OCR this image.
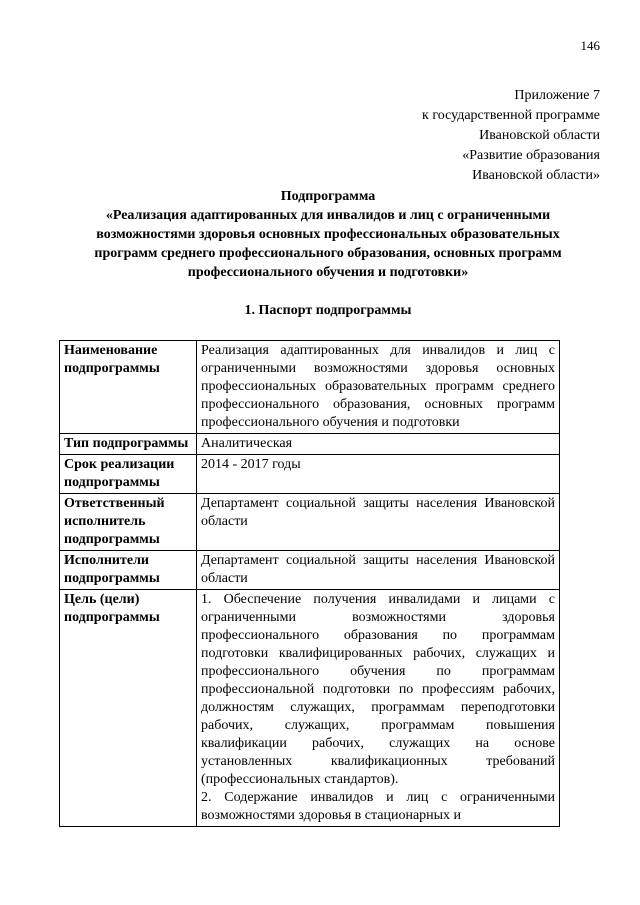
146
Приложение 7
к государственной программе
Ивановской области
«Развитие образования
Ивановской области»
Подпрограмма
«Реализация адаптированных для инвалидов и лиц с ограниченными
возможностями здоровья основных профессиональных образовательных
программ среднего профессионального образования, основных программ
профессионального обучения и подготовки»
1. Паспорт подпрограммы
Наименование подпрограммы	Реализация адаптированных для инвалидов и лиц с ограниченными возможностями здоровья основных профессиональных образовательных программ среднего профессионального образования, основных программ профессионального обучения и подготовки
Тип подпрограммы	Аналитическая
Срок реализации подпрограммы	2014 - 2017 годы
Ответственный исполнитель подпрограммы	Департамент социальной защиты населения Ивановской области
Исполнители подпрограммы	Департамент социальной защиты населения Ивановской области
Цель (цели) подпрограммы	1. Обеспечение получения инвалидами и лицами с ограниченными возможностями здоровья профессионального образования по программам подготовки квалифицированных рабочих, служащих и профессионального обучения по программам профессиональной подготовки по профессиям рабочих, должностям служащих, программам переподготовки рабочих, служащих, программам повышения квалификации рабочих, служащих на основе установленных квалификационных требований (профессиональных стандартов).
2. Содержание инвалидов и лиц с ограниченными возможностями здоровья в стационарных и
